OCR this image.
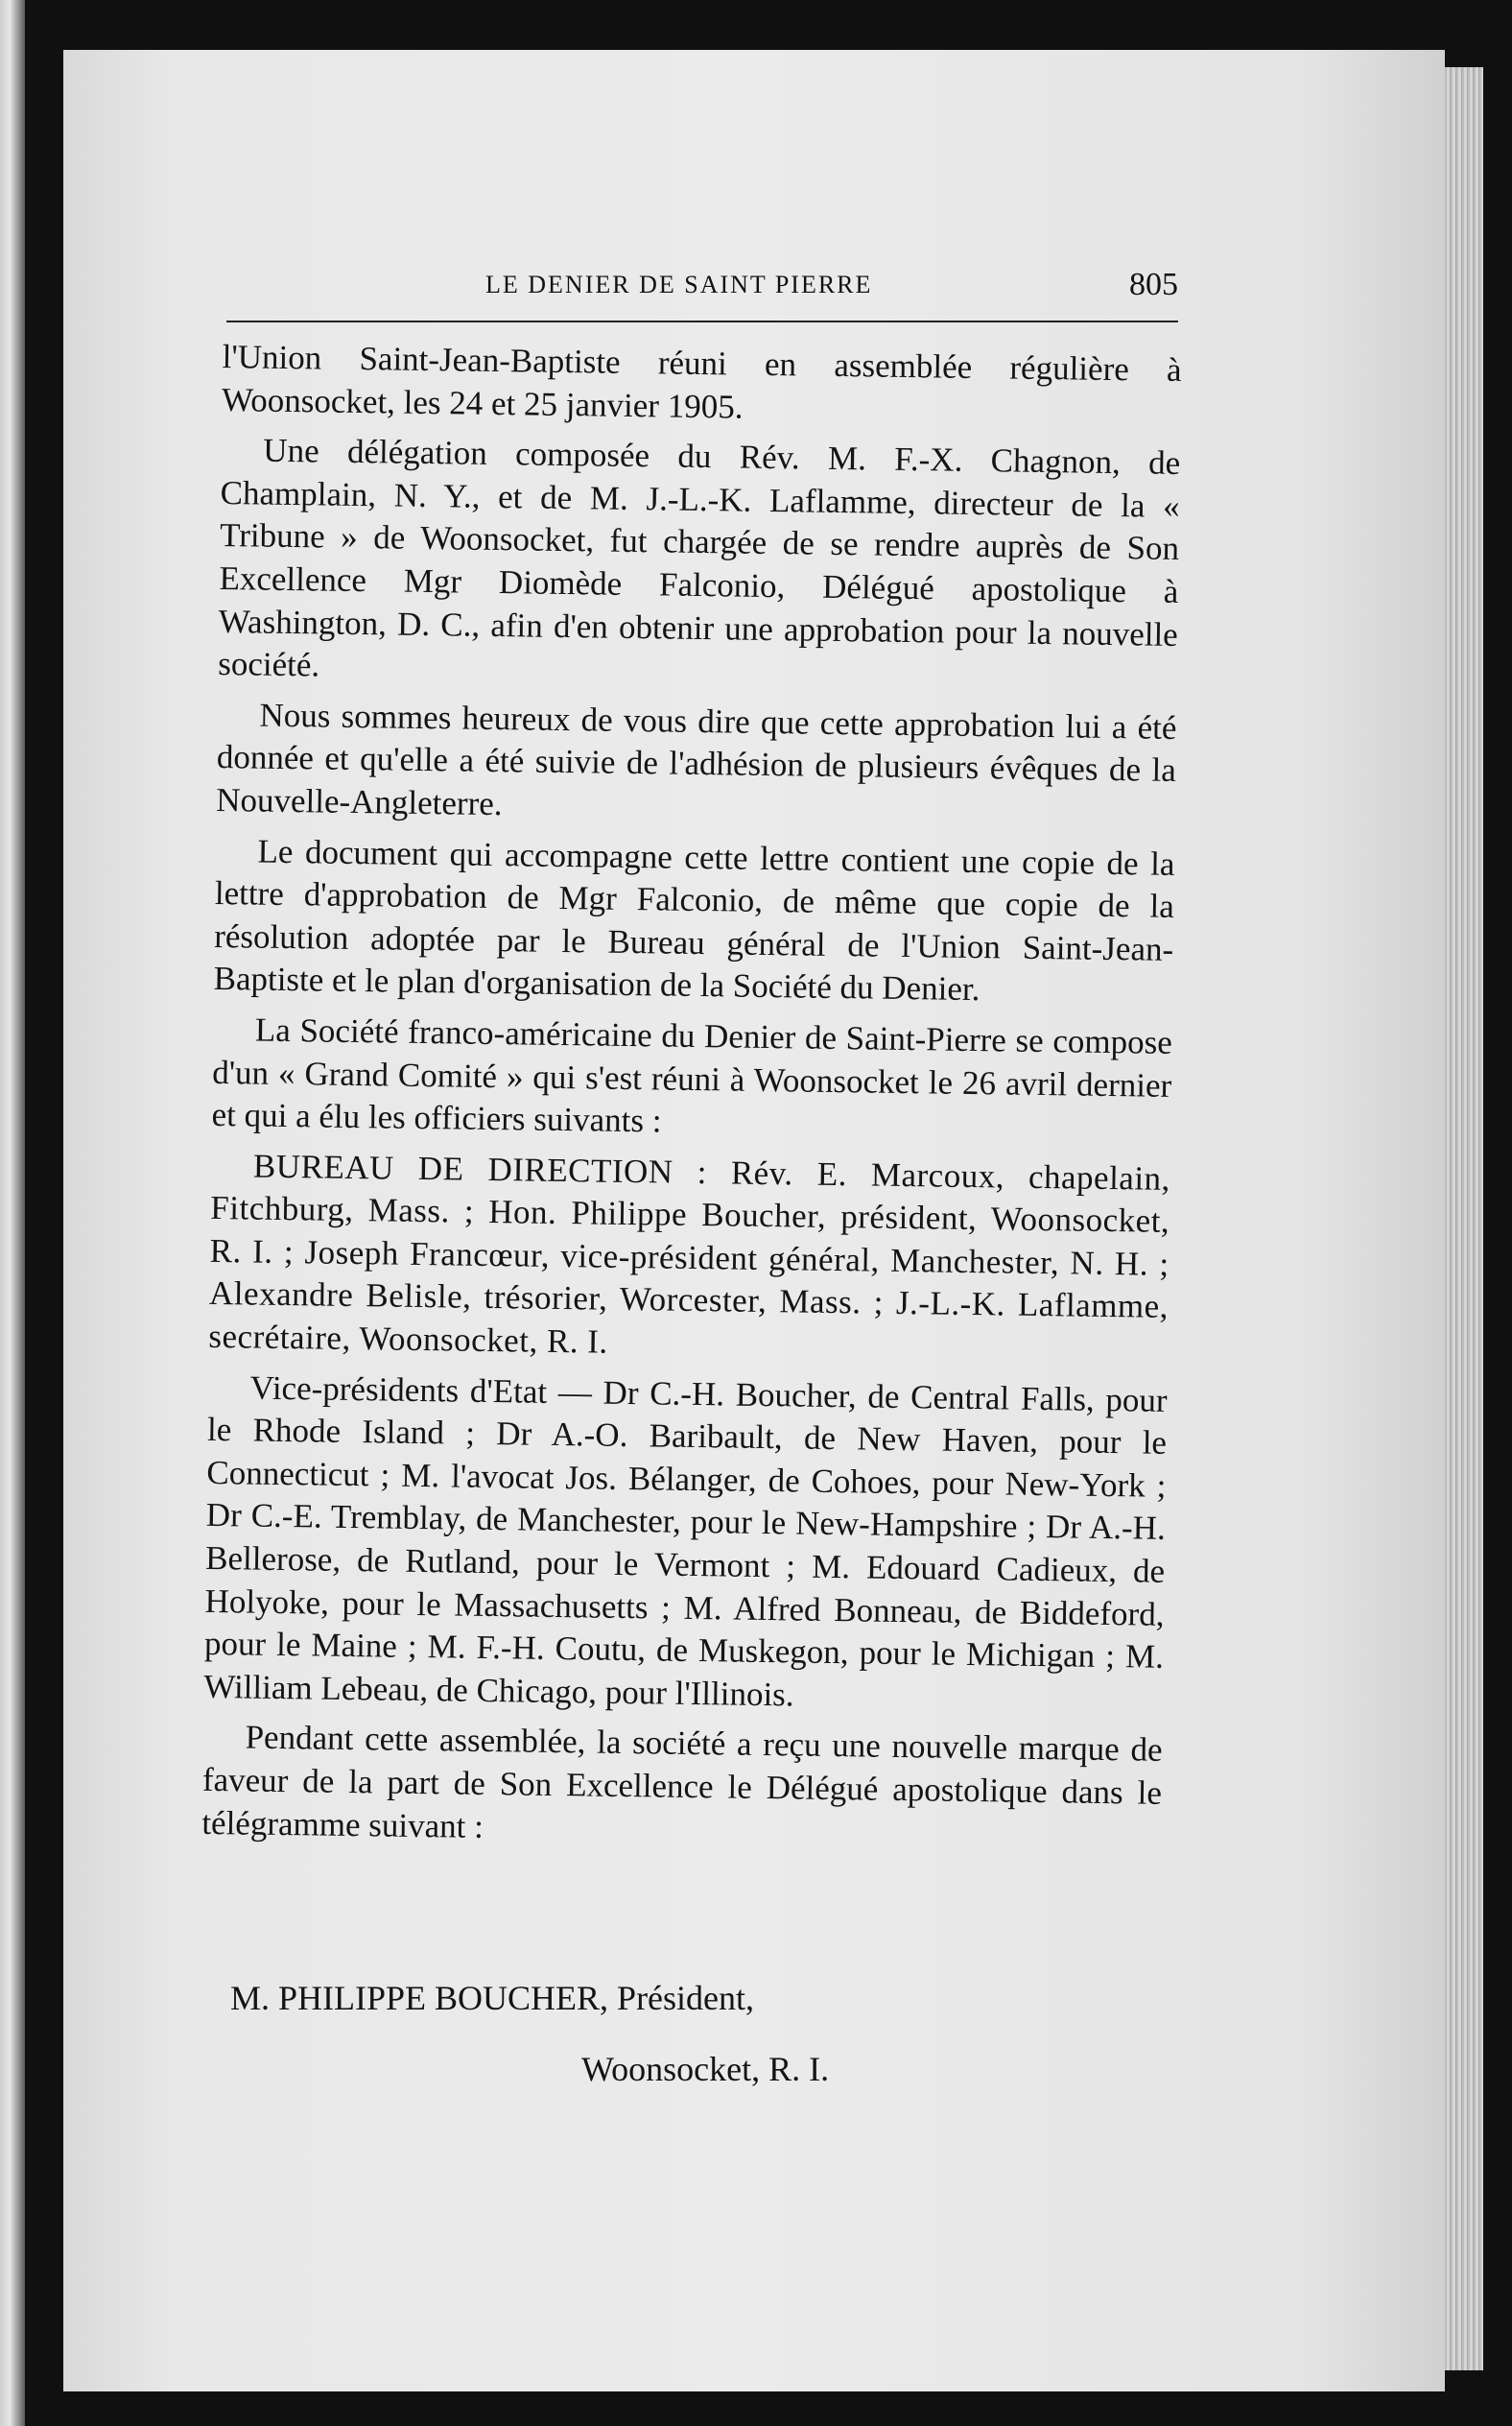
LE DENIER DE SAINT PIERRE	805

l'Union Saint-Jean-Baptiste réuni en assemblée régulière à Woonsocket, les 24 et 25 janvier 1905.

Une délégation composée du Rév. M. F.-X. Chagnon, de Champlain, N. Y., et de M. J.-L.-K. Laflamme, directeur de la « Tribune » de Woonsocket, fut chargée de se rendre auprès de Son Excellence Mgr Diomède Falconio, Délégué apostolique à Washington, D. C., afin d'en obtenir une approbation pour la nouvelle société.

Nous sommes heureux de vous dire que cette approbation lui a été donnée et qu'elle a été suivie de l'adhésion de plusieurs évêques de la Nouvelle-Angleterre.

Le document qui accompagne cette lettre contient une copie de la lettre d'approbation de Mgr Falconio, de même que copie de la résolution adoptée par le Bureau général de l'Union Saint-Jean-Baptiste et le plan d'organisation de la Société du Denier.

La Société franco-américaine du Denier de Saint-Pierre se compose d'un « Grand Comité » qui s'est réuni à Woonsocket le 26 avril dernier et qui a élu les officiers suivants :

BUREAU DE DIRECTION : Rév. E. Marcoux, chapelain, Fitchburg, Mass. ; Hon. Philippe Boucher, président, Woonsocket, R. I. ; Joseph Francœur, vice-président général, Manchester, N. H. ; Alexandre Belisle, trésorier, Worcester, Mass. ; J.-L.-K. Laflamme, secrétaire, Woonsocket, R. I.

Vice-présidents d'Etat — Dr C.-H. Boucher, de Central Falls, pour le Rhode Island ; Dr A.-O. Baribault, de New Haven, pour le Connecticut ; M. l'avocat Jos. Bélanger, de Cohoes, pour New-York ; Dr C.-E. Tremblay, de Manchester, pour le New-Hampshire ; Dr A.-H. Bellerose, de Rutland, pour le Vermont ; M. Edouard Cadieux, de Holyoke, pour le Massachusetts ; M. Alfred Bonneau, de Biddeford, pour le Maine ; M. F.-H. Coutu, de Muskegon, pour le Michigan ; M. William Lebeau, de Chicago, pour l'Illinois.

Pendant cette assemblée, la société a reçu une nouvelle marque de faveur de la part de Son Excellence le Délégué apostolique dans le télégramme suivant :

M. PHILIPPE BOUCHER, Président,
Woonsocket, R. I.
